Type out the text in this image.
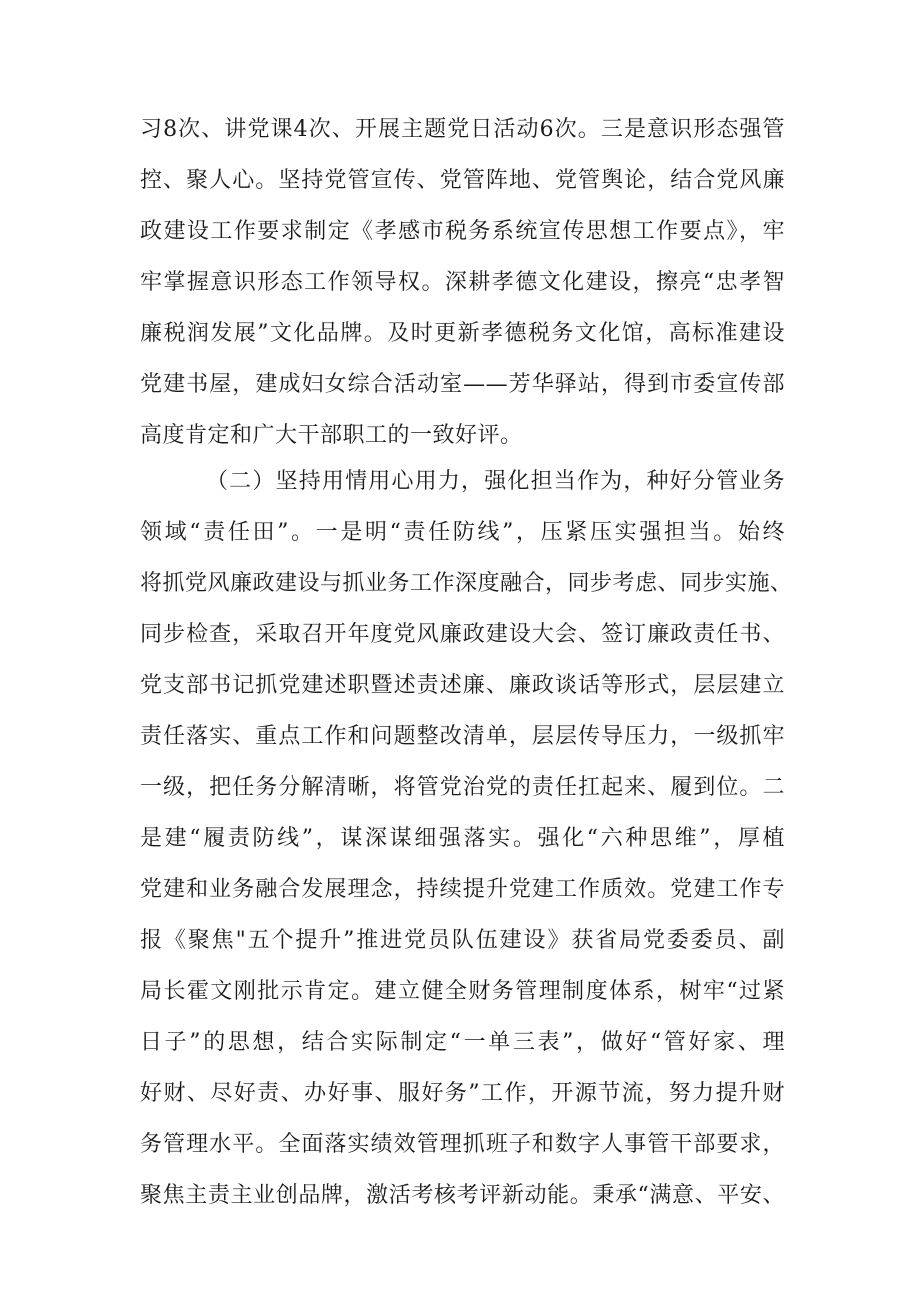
习8次、讲党课4次、开展主题党日活动6次。三是意识形态强管
控、聚人心。坚持党管宣传、党管阵地、党管舆论，结合党风廉
政建设工作要求制定《孝感市税务系统宣传思想工作要点》，牢
牢掌握意识形态工作领导权。深耕孝德文化建设，擦亮“忠孝智
廉税润发展”文化品牌。及时更新孝德税务文化馆，高标准建设
党建书屋，建成妇女综合活动室——芳华驿站，得到市委宣传部
高度肯定和广大干部职工的一致好评。
（二）坚持用情用心用力，强化担当作为，种好分管业务
领域“责任田”。一是明“责任防线”，压紧压实强担当。始终
将抓党风廉政建设与抓业务工作深度融合，同步考虑、同步实施、
同步检查，采取召开年度党风廉政建设大会、签订廉政责任书、
党支部书记抓党建述职暨述责述廉、廉政谈话等形式，层层建立
责任落实、重点工作和问题整改清单，层层传导压力，一级抓牢
一级，把任务分解清晰，将管党治党的责任扛起来、履到位。二
是建“履责防线”，谋深谋细强落实。强化“六种思维”，厚植
党建和业务融合发展理念，持续提升党建工作质效。党建工作专
报《聚焦"五个提升”推进党员队伍建设》获省局党委委员、副
局长霍文刚批示肯定。建立健全财务管理制度体系，树牢“过紧
日子”的思想，结合实际制定“一单三表”，做好“管好家、理
好财、尽好责、办好事、服好务”工作，开源节流，努力提升财
务管理水平。全面落实绩效管理抓班子和数字人事管干部要求，
聚焦主责主业创品牌，激活考核考评新动能。秉承“满意、平安、
